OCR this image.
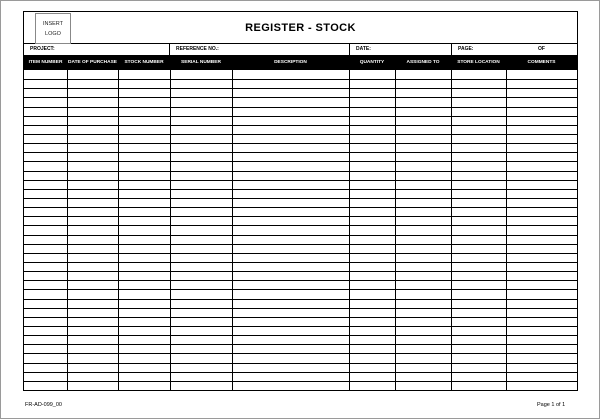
REGISTER - STOCK
INSERT
LOGO
PROJECT:	REFERENCE NO.:	DATE:	PAGE:	OF
ITEM NUMBER	DATE OF PURCHASE	STOCK NUMBER	SERIAL NUMBER	DESCRIPTION	QUANTITY	ASSIGNED TO	STORE LOCATION	COMMENTS
FR-AD-099_00	Page 1 of 1
